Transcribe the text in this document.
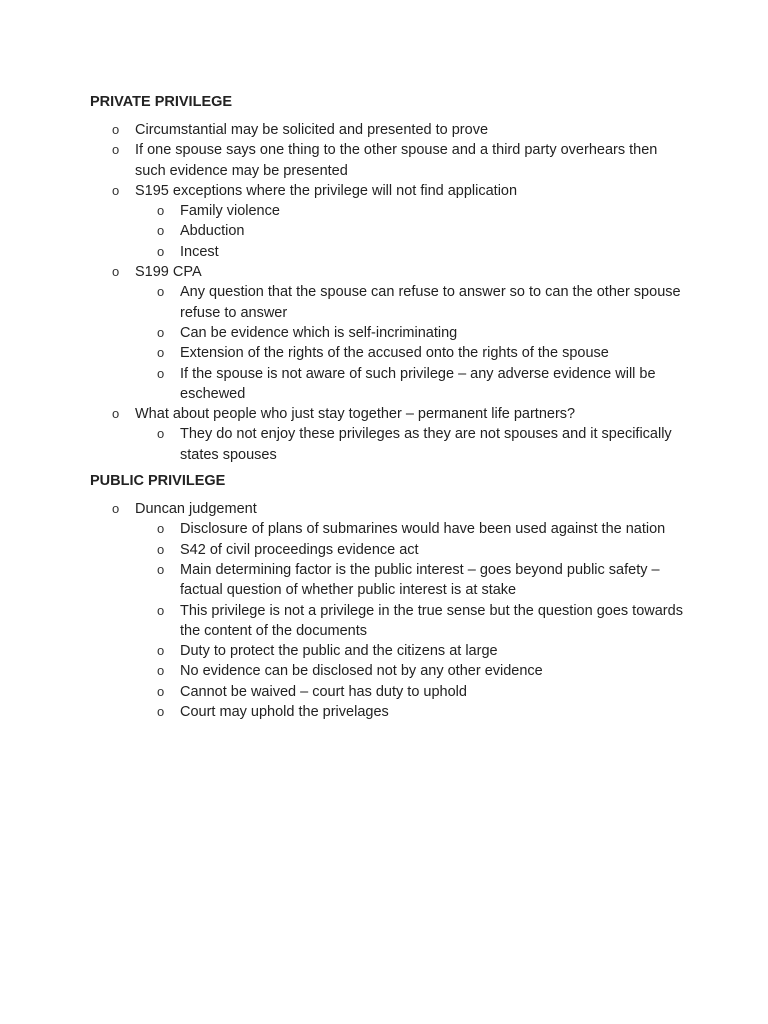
PRIVATE PRIVILEGE
o	Circumstantial may be solicited and presented to prove
o	If one spouse says one thing to the other spouse and a third party overhears then such evidence may be presented
o	S195 exceptions where the privilege will not find application
o	Family violence
o	Abduction
o	Incest
o	S199 CPA
o	Any question that the spouse can refuse to answer so to can the other spouse refuse to answer
o	Can be evidence which is self-incriminating
o	Extension of the rights of the accused onto the rights of the spouse
o	If the spouse is not aware of such privilege – any adverse evidence will be eschewed
o	What about people who just stay together – permanent life partners?
o	They do not enjoy these privileges as they are not spouses and it specifically states spouses
PUBLIC PRIVILEGE
o	Duncan judgement
o	Disclosure of plans of submarines would have been used against the nation
o	S42 of civil proceedings evidence act
o	Main determining factor is the public interest – goes beyond public safety – factual question of whether public interest is at stake
o	This privilege is not a privilege in the true sense but the question goes towards the content of the documents
o	Duty to protect the public and the citizens at large
o	No evidence can be disclosed not by any other evidence
o	Cannot be waived – court has duty to uphold
o	Court may uphold the privelages
